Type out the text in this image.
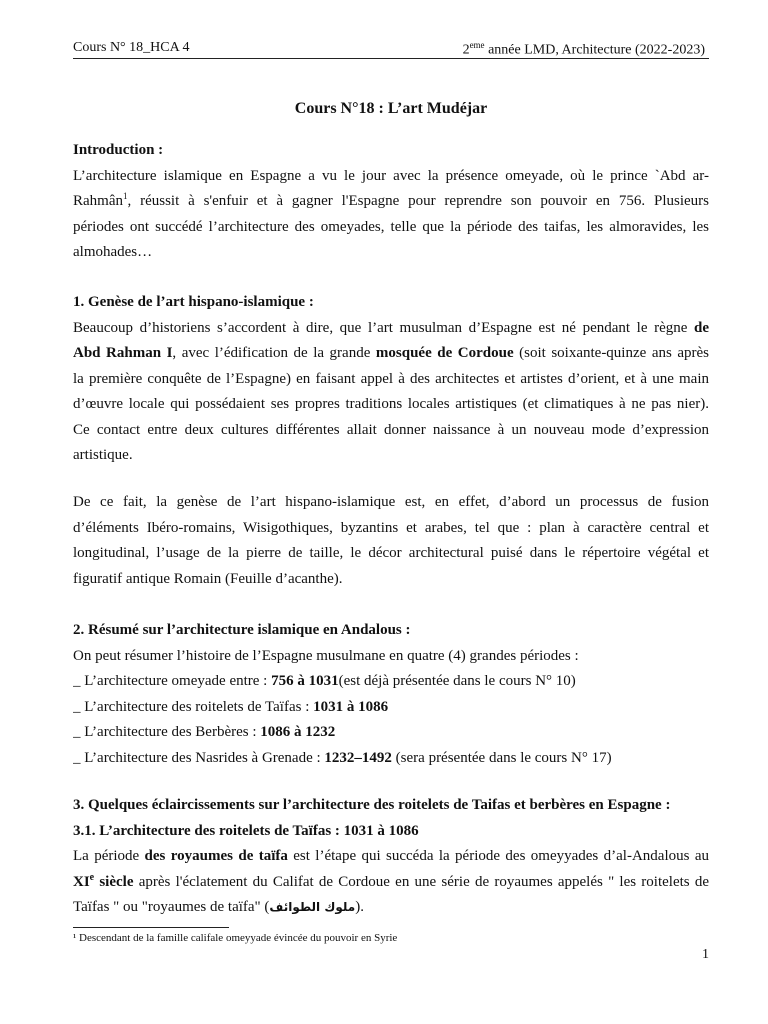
Cours N° 18_HCA 4	2eme année LMD, Architecture (2022-2023)
Cours N°18 : L’art Mudéjar
Introduction :
L’architecture islamique en Espagne a vu le jour avec la présence omeyade, où le prince `Abd ar-
Rahmân$^1$, réussit à s'enfuir et à gagner l'Espagne pour reprendre son pouvoir en 756. Plusieurs
périodes ont succédé l’architecture des omeyades, telle que la période des taifas, les almoravides, les
almohades…
1. Genèse de l’art hispano-islamique :
Beaucoup d’historiens s’accordent à dire, que l’art musulman d’Espagne est né pendant le règne de
Abd Rahman I, avec l’édification de la grande mosquée de Cordoue (soit soixante-quinze ans après
la première conquête de l’Espagne) en faisant appel à des architectes et artistes d’orient, et à une main
d’œuvre locale qui possédaient ses propres traditions locales artistiques (et climatiques à ne pas nier).
Ce contact entre deux cultures différentes allait donner naissance à un nouveau mode d’expression
artistique.
De ce fait, la genèse de l’art hispano-islamique est, en effet, d’abord un processus de fusion
d’éléments Ibéro-romains, Wisigothiques, byzantins et arabes, tel que : plan à caractère central et
longitudinal, l’usage de la pierre de taille, le décor architectural puisé dans le répertoire végétal et
figuratif antique Romain (Feuille d’acanthe).
2. Résumé sur l’architecture islamique en Andalous :
On peut résumer l’histoire de l’Espagne musulmane en quatre (4) grandes périodes :
_ L’architecture omeyade entre : 756 à 1031(est déjà présentée dans le cours N° 10)
_ L’architecture des roitelets de Taïfas : 1031 à 1086
_ L’architecture des Berbères : 1086 à 1232
_ L’architecture des Nasrides à Grenade : 1232–1492 (sera présentée dans le cours N° 17)
3. Quelques éclaircissements sur l’architecture des roitelets de Taifas et berbères en Espagne :
3.1. L’architecture des roitelets de Taïfas : 1031 à 1086
La période des royaumes de taïfa est l’étape qui succéda la période des omeyyades d’al-Andalous au
XIe siècle après l'éclatement du Califat de Cordoue en une série de royaumes appelés " les roitelets de
Taïfas " ou "royaumes de taïfa" (ملوك الطوائف).
¹ Descendant de la famille califale omeyyade évincée du pouvoir en Syrie
1
